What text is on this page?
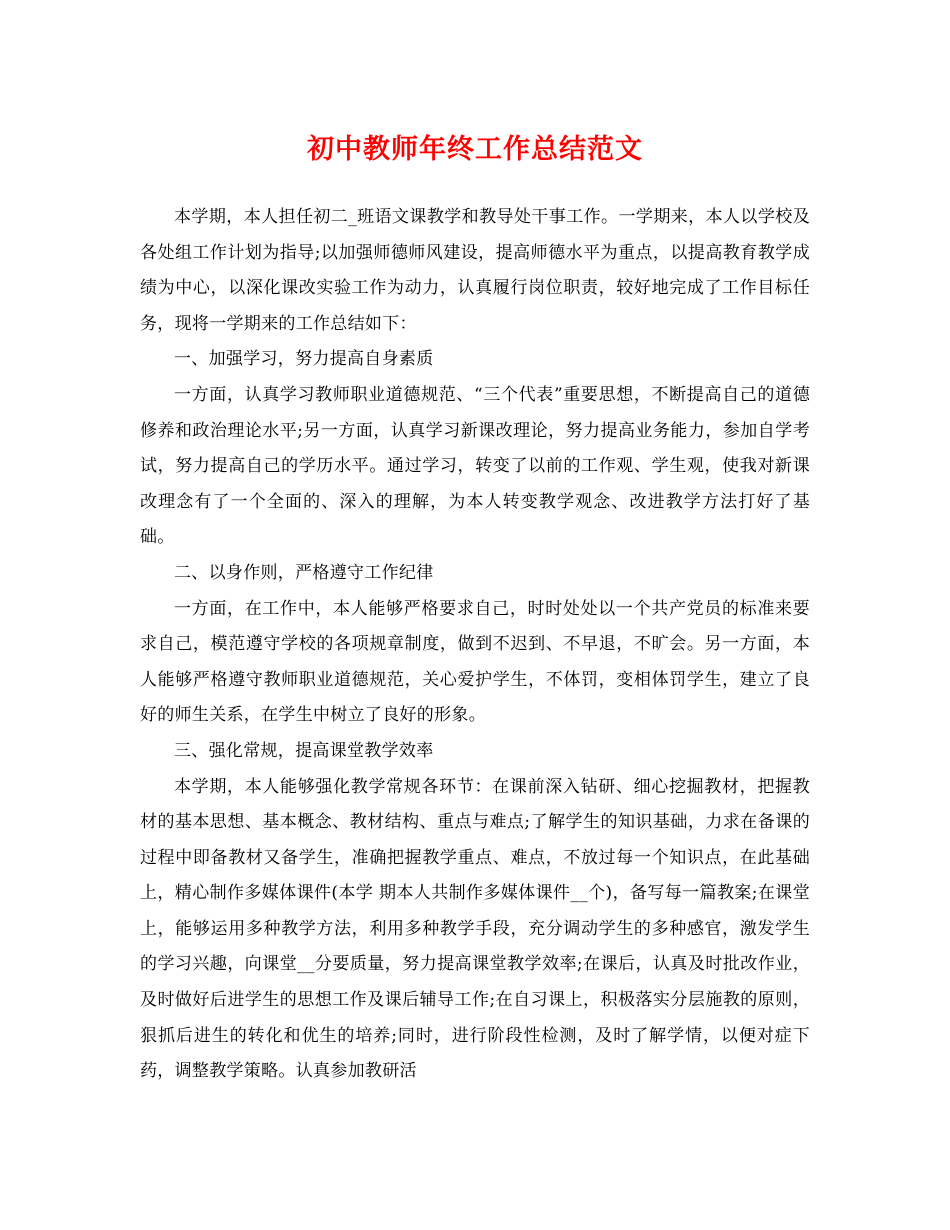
初中教师年终工作总结范文

本学期，本人担任初二_班语文课教学和教导处干事工作。一学期来，本人以学校及各处组工作计划为指导;以加强师德师风建设，提高师德水平为重点，以提高教育教学成绩为中心，以深化课改实验工作为动力，认真履行岗位职责，较好地完成了工作目标任务，现将一学期来的工作总结如下：

一、加强学习，努力提高自身素质

一方面，认真学习教师职业道德规范、“三个代表”重要思想，不断提高自己的道德修养和政治理论水平;另一方面，认真学习新课改理论，努力提高业务能力，参加自学考试，努力提高自己的学历水平。通过学习，转变了以前的工作观、学生观，使我对新课改理念有了一个全面的、深入的理解，为本人转变教学观念、改进教学方法打好了基础。

二、以身作则，严格遵守工作纪律

一方面，在工作中，本人能够严格要求自己，时时处处以一个共产党员的标准来要求自己，模范遵守学校的各项规章制度，做到不迟到、不早退，不旷会。另一方面，本人能够严格遵守教师职业道德规范，关心爱护学生，不体罚，变相体罚学生，建立了良好的师生关系，在学生中树立了良好的形象。

三、强化常规，提高课堂教学效率

本学期，本人能够强化教学常规各环节：在课前深入钻研、细心挖掘教材，把握教材的基本思想、基本概念、教材结构、重点与难点;了解学生的知识基础，力求在备课的过程中即备教材又备学生，准确把握教学重点、难点，不放过每一个知识点，在此基础上，精心制作多媒体课件(本学 期本人共制作多媒体课件__个)，备写每一篇教案;在课堂上，能够运用多种教学方法，利用多种教学手段，充分调动学生的多种感官，激发学生的学习兴趣，向课堂__分要质量，努力提高课堂教学效率;在课后，认真及时批改作业，及时做好后进学生的思想工作及课后辅导工作;在自习课上，积极落实分层施教的原则，狠抓后进生的转化和优生的培养;同时，进行阶段性检测，及时了解学情，以便对症下药，调整教学策略。认真参加教研活
